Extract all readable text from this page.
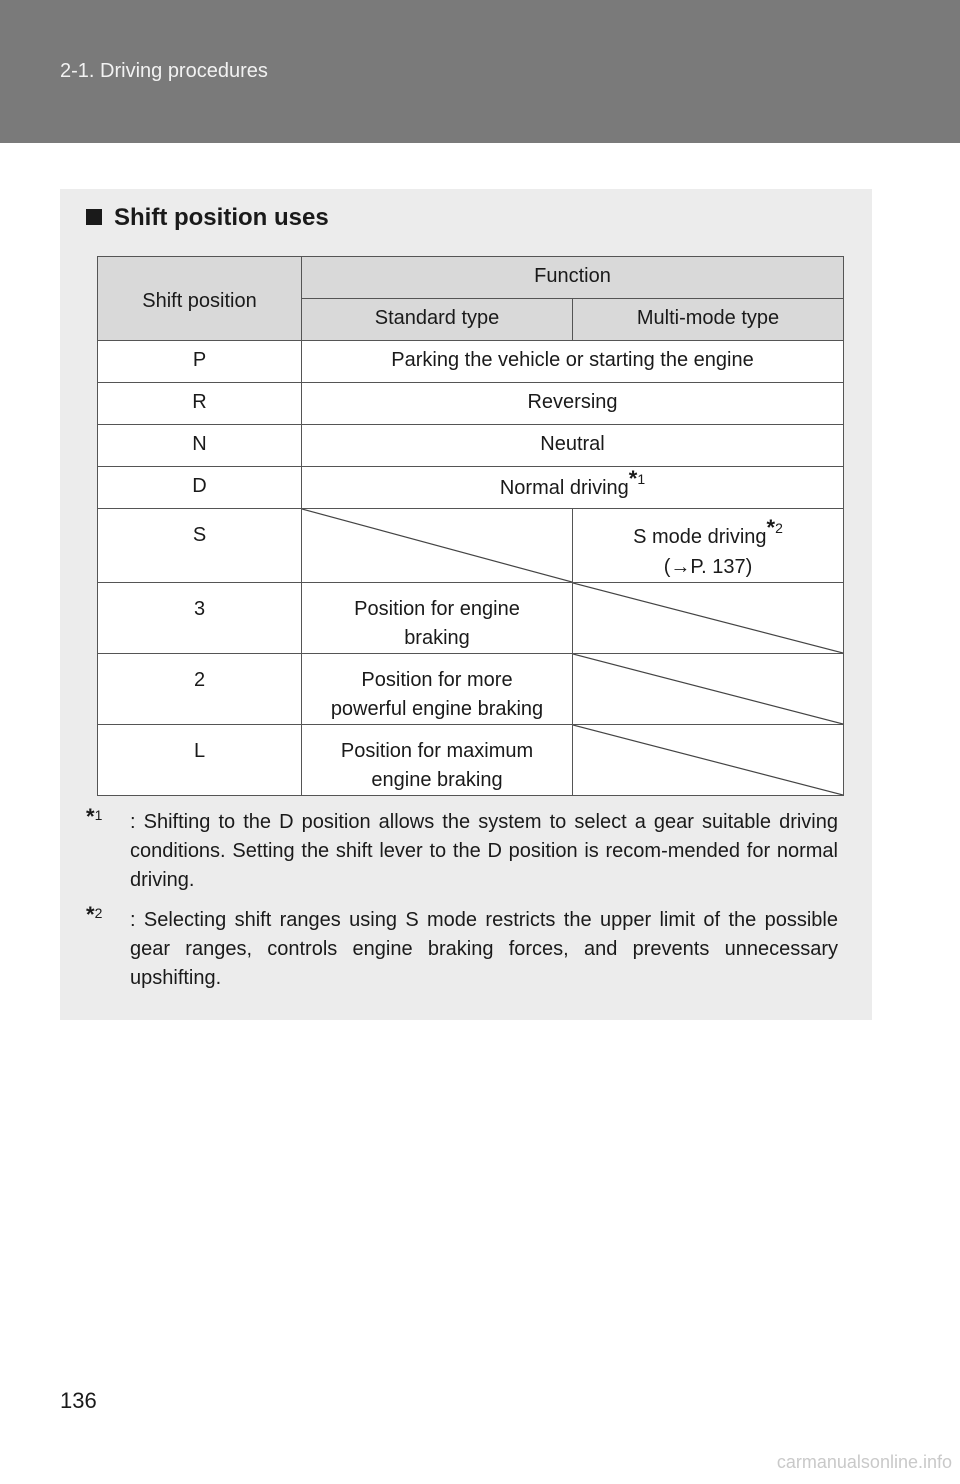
2-1. Driving procedures
Shift position uses
Shift position	Function	
	Standard type	Multi-mode type
P	Parking the vehicle or starting the engine	
R	Reversing	
N	Neutral	
D	Normal driving*$^1$
S		S mode driving*$^2$
(→P. 137)
3	Position for engine
braking	

2	Position for more
powerful engine braking	

L	Position for maximum
engine braking	
*$^1$ : Shifting to the D position allows the system to select a gear suitable driving conditions. Setting the shift lever to the D position is recom-mended for normal driving.
*$^2$ : Selecting shift ranges using S mode restricts the upper limit of the possible gear ranges, controls engine braking forces, and prevents unnecessary upshifting.
136
carmanualsonline.info
